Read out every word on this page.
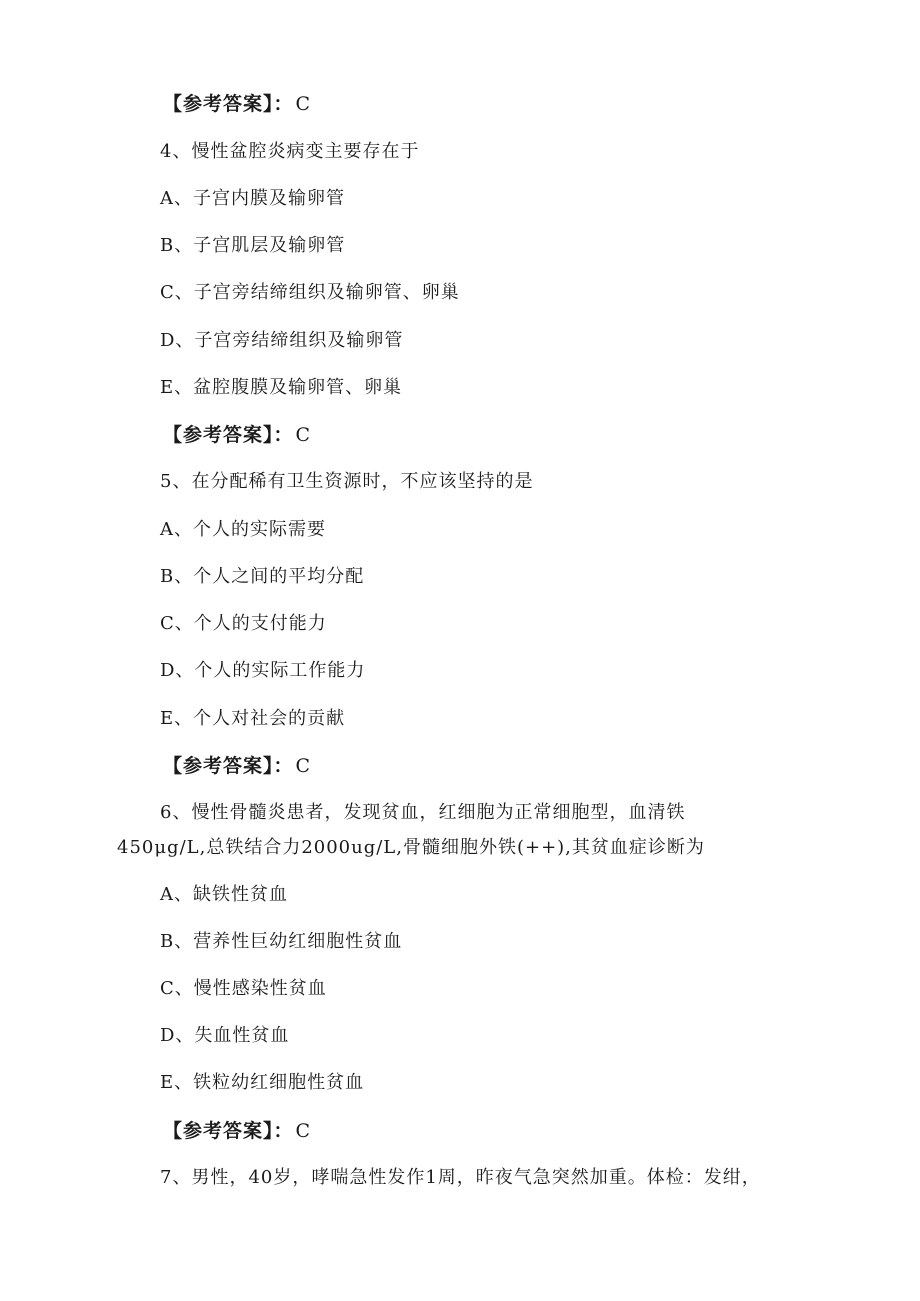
【参考答案】： C
4、慢性盆腔炎病变主要存在于
A、子宫内膜及输卵管
B、子宫肌层及输卵管
C、子宫旁结缔组织及输卵管、卵巢
D、子宫旁结缔组织及输卵管
E、盆腔腹膜及输卵管、卵巢
【参考答案】： C
5、在分配稀有卫生资源时，不应该坚持的是
A、个人的实际需要
B、个人之间的平均分配
C、个人的支付能力
D、个人的实际工作能力
E、个人对社会的贡献
【参考答案】： C
6、慢性骨髓炎患者，发现贫血，红细胞为正常细胞型，血清铁
450μg/L,总铁结合力2000ug/L,骨髓细胞外铁(++),其贫血症诊断为
A、缺铁性贫血
B、营养性巨幼红细胞性贫血
C、慢性感染性贫血
D、失血性贫血
E、铁粒幼红细胞性贫血
【参考答案】： C
7、男性，40岁，哮喘急性发作1周，昨夜气急突然加重。体检：发绀，
